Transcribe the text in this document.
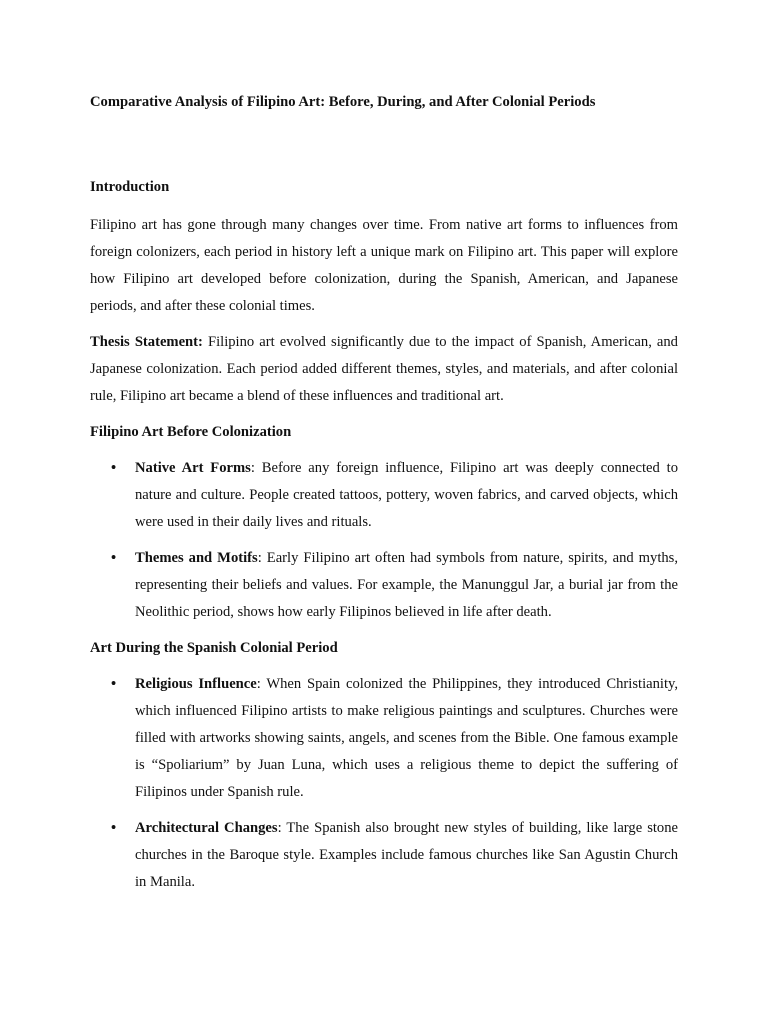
Comparative Analysis of Filipino Art: Before, During, and After Colonial Periods
Introduction

Filipino art has gone through many changes over time. From native art forms to influences from foreign colonizers, each period in history left a unique mark on Filipino art. This paper will explore how Filipino art developed before colonization, during the Spanish, American, and Japanese periods, and after these colonial times.

Thesis Statement: Filipino art evolved significantly due to the impact of Spanish, American, and Japanese colonization. Each period added different themes, styles, and materials, and after colonial rule, Filipino art became a blend of these influences and traditional art.

Filipino Art Before Colonization
• Native Art Forms: Before any foreign influence, Filipino art was deeply connected to nature and culture. People created tattoos, pottery, woven fabrics, and carved objects, which were used in their daily lives and rituals.
• Themes and Motifs: Early Filipino art often had symbols from nature, spirits, and myths, representing their beliefs and values. For example, the Manunggul Jar, a burial jar from the Neolithic period, shows how early Filipinos believed in life after death.
Art During the Spanish Colonial Period
• Religious Influence: When Spain colonized the Philippines, they introduced Christianity, which influenced Filipino artists to make religious paintings and sculptures. Churches were filled with artworks showing saints, angels, and scenes from the Bible. One famous example is “Spoliarium” by Juan Luna, which uses a religious theme to depict the suffering of Filipinos under Spanish rule.
• Architectural Changes: The Spanish also brought new styles of building, like large stone churches in the Baroque style. Examples include famous churches like San Agustin Church in Manila.
